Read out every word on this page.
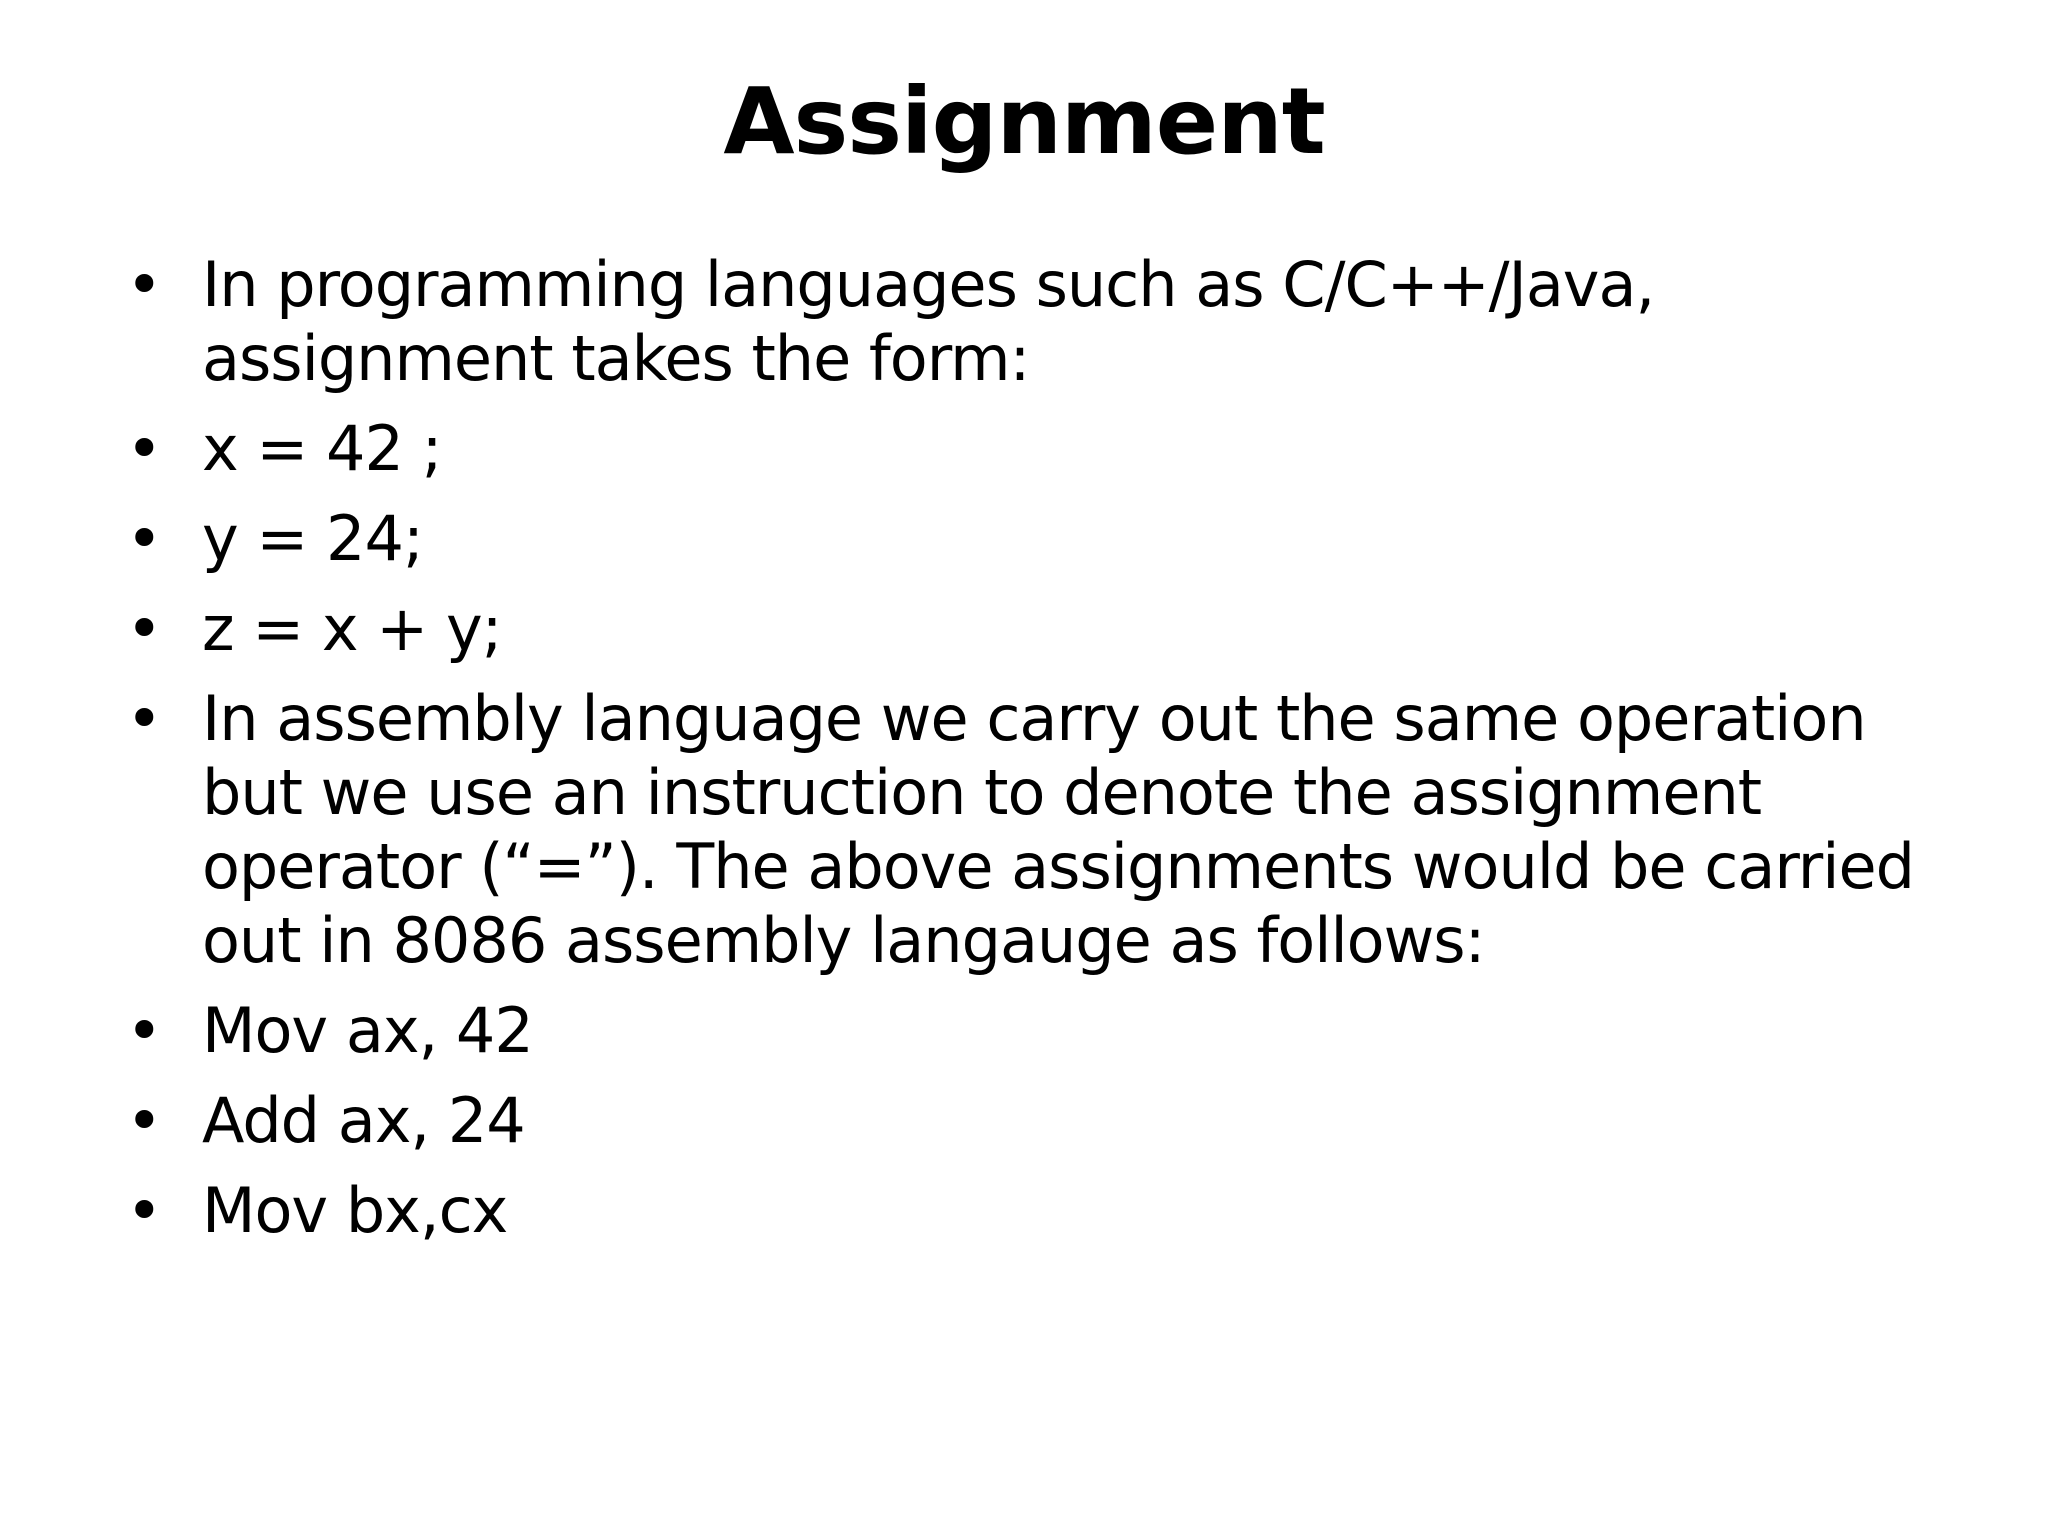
Assignment
• In programming languages such as C/C++/Java, assignment takes the form:
• x = 42 ;
• y = 24;
• z = x + y;
• In assembly language we carry out the same operation but we use an instruction to denote the assignment operator (“=”). The above assignments would be carried out in 8086 assembly langauge as follows:
• Mov ax, 42
• Add ax, 24
• Mov bx,cx
